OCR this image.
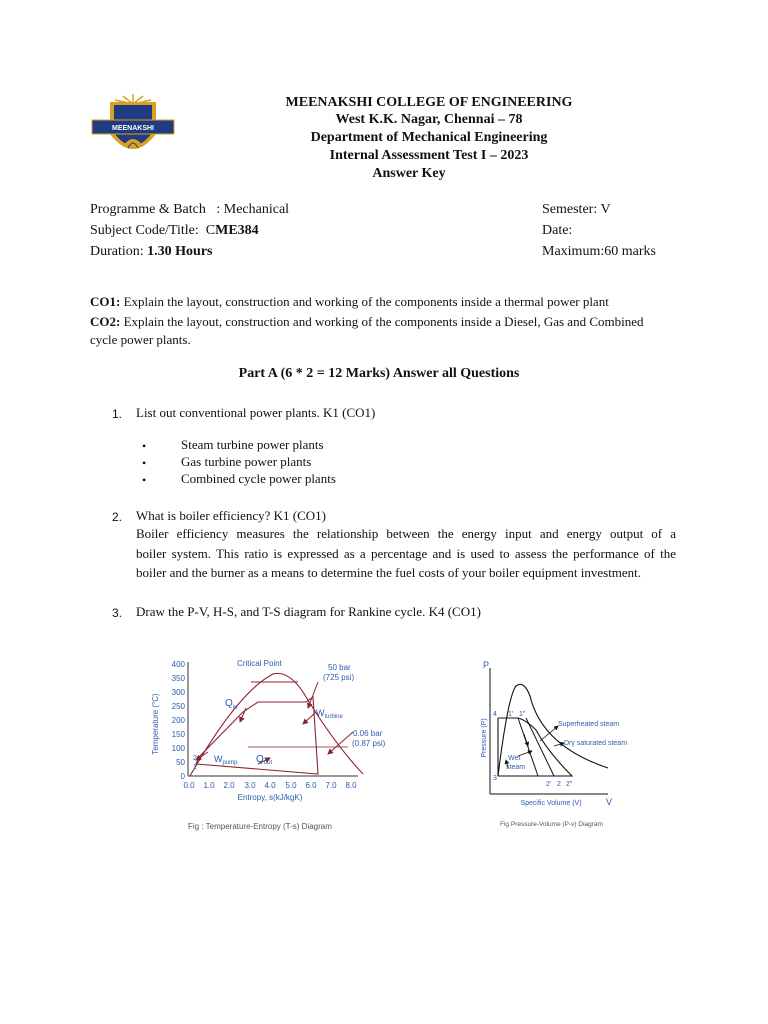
MEENAKSHI
MEENAKSHI COLLEGE OF ENGINEERING
West K.K. Nagar, Chennai – 78
Department of Mechanical Engineering
Internal Assessment Test I – 2023
Answer Key
Programme & Batch : Mechanical
Subject Code/Title: CME384
Duration: 1.30 Hours
Semester: V
Date:
Maximum:60 marks
CO1: Explain the layout, construction and working of the components inside a thermal power plant
CO2: Explain the layout, construction and working of the components inside a Diesel, Gas and Combined
cycle power plants.
Part A (6 * 2 = 12 Marks) Answer all Questions
1. List out conventional power plants. K1 (CO1)
•	Steam turbine power plants
•	Gas turbine power plants
•	Combined cycle power plants
2. What is boiler efficiency? K1 (CO1)
Boiler efficiency measures the relationship between the energy input and energy output of a
boiler system. This ratio is expressed as a percentage and is used to assess the performance of the
boiler and the burner as a means to determine the fuel costs of your boiler equipment investment.
3. Draw the P-V, H-S, and T-S diagram for Rankine cycle. K4 (CO1)
400
350
300
250
200
150
100
50
0
0.0 1.0 2.0 3.0 4.0 5.0 6.0 7.0 8.0
Temperature (°C)
Entropy, s(kJ/kgK)
Critical Point	50 bar
(725 psi)
0.06 bar
(0.87 psi)
$Q_{in}$	$W_{turbine}$
$W_{pump}$ $Q_{out}$
2
1
Fig : Temperature-Entropy (T-s) Diagram
P
V
Pressure (P)
Specific Volume (V)
4 1' 1"
3
2' 2 2"
Superheated steam
Dry saturated steam
Wet
steam
Fig Pressure-Volume (P-v) Diagram
